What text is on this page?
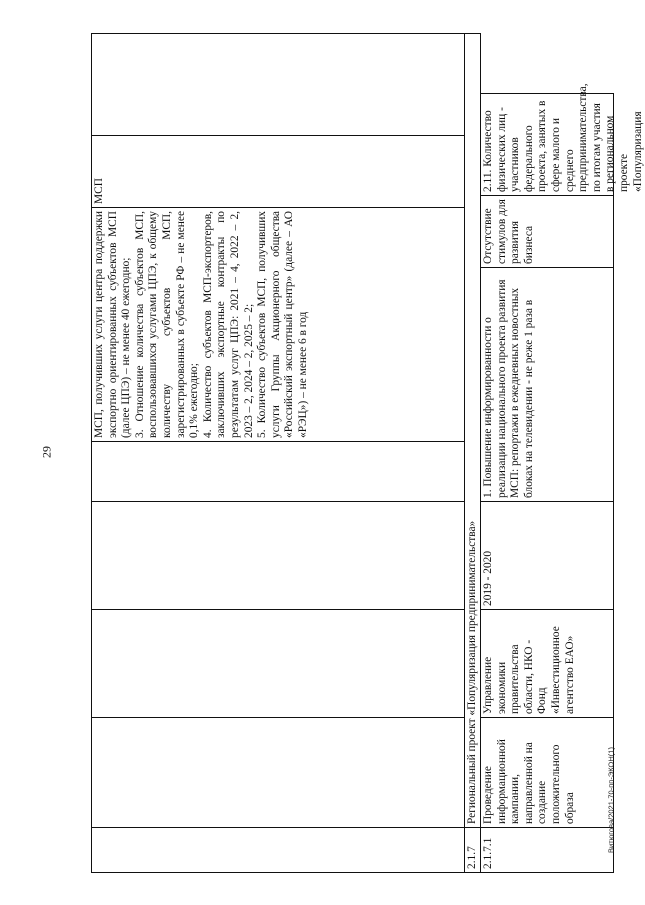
29
МСП, получивших услуги центра поддержки экспортно ориентированных субъектов МСП (далее ЦПЭ) – не менее 40 ежегодно; 3. Отношение количества субъектов МСП, воспользовавшихся услугами ЦПЭ, к общему количеству субъектов МСП, зарегистрированных в субъекте РФ – не менее 0,1% ежегодно; 4. Количество субъектов МСП-экспортеров, заключивших экспортные контракты по результатам услуг ЦПЭ: 2021 – 4, 2022 – 2, 2023 – 2, 2024 – 2, 2025 – 2; 5. Количество субъектов МСП, получивших услуги Группы Акционерного общества «Российский экспортный центр» (далее – АО «РЭЦ») – не менее 6 в год
МСП
2.1.7
Региональный проект «Популяризация предпринимательства»
2.1.7.1
Проведение информационной кампании, направленной на создание положительного образа
Управление экономики правительства области, НКО - Фонд «Инвестиционное агентство ЕАО»
2019 - 2020
1. Повышение информированности о реализации национального проекта развития МСП: репортажи в ежедневных новостных блоках на телевидении - не реже 1 раза в
Отсутствие стимулов для развития бизнеса
2.11. Количество физических лиц - участников федерального проекта, занятых в сфере малого и среднего предпринимательства, по итогам участия в региональном проекте «Популяризация
Витюгова/2021-70-пп-ЭКОН(1)
